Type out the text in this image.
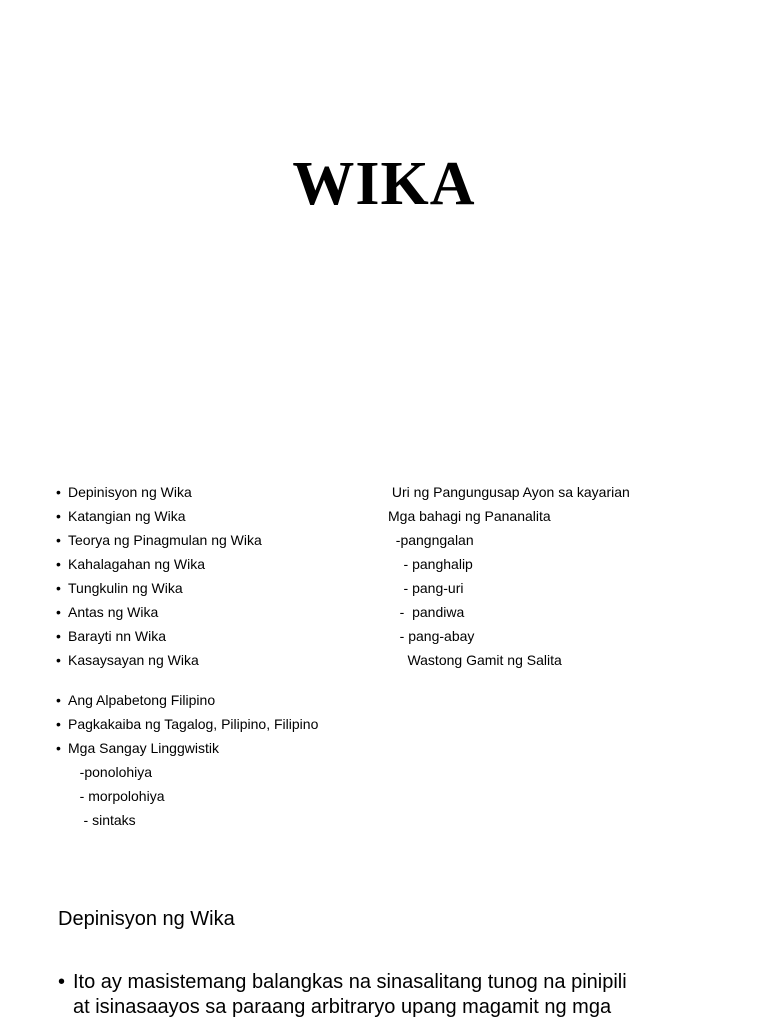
WIKA
• Depinisyon ng Wika
• Katangian ng Wika
• Teorya ng Pinagmulan ng Wika
• Kahalagahan ng Wika
• Tungkulin ng Wika
• Antas ng Wika
• Barayti nn Wika
• Kasaysayan ng Wika
Uri ng Pangungusap Ayon sa kayarian
Mga bahagi ng Pananalita
-pangngalan
- panghalip
- pang-uri
-  pandiwa
- pang-abay
Wastong Gamit ng Salita
• Ang Alpabetong Filipino
• Pagkakaiba ng Tagalog, Pilipino, Filipino
• Mga Sangay Linggwistik
-ponolohiya
- morpolohiya
- sintaks
Depinisyon ng Wika
• Ito ay masistemang balangkas na sinasalitang tunog na pinipili
at isinasaayos sa paraang arbitraryo upang magamit ng mga
